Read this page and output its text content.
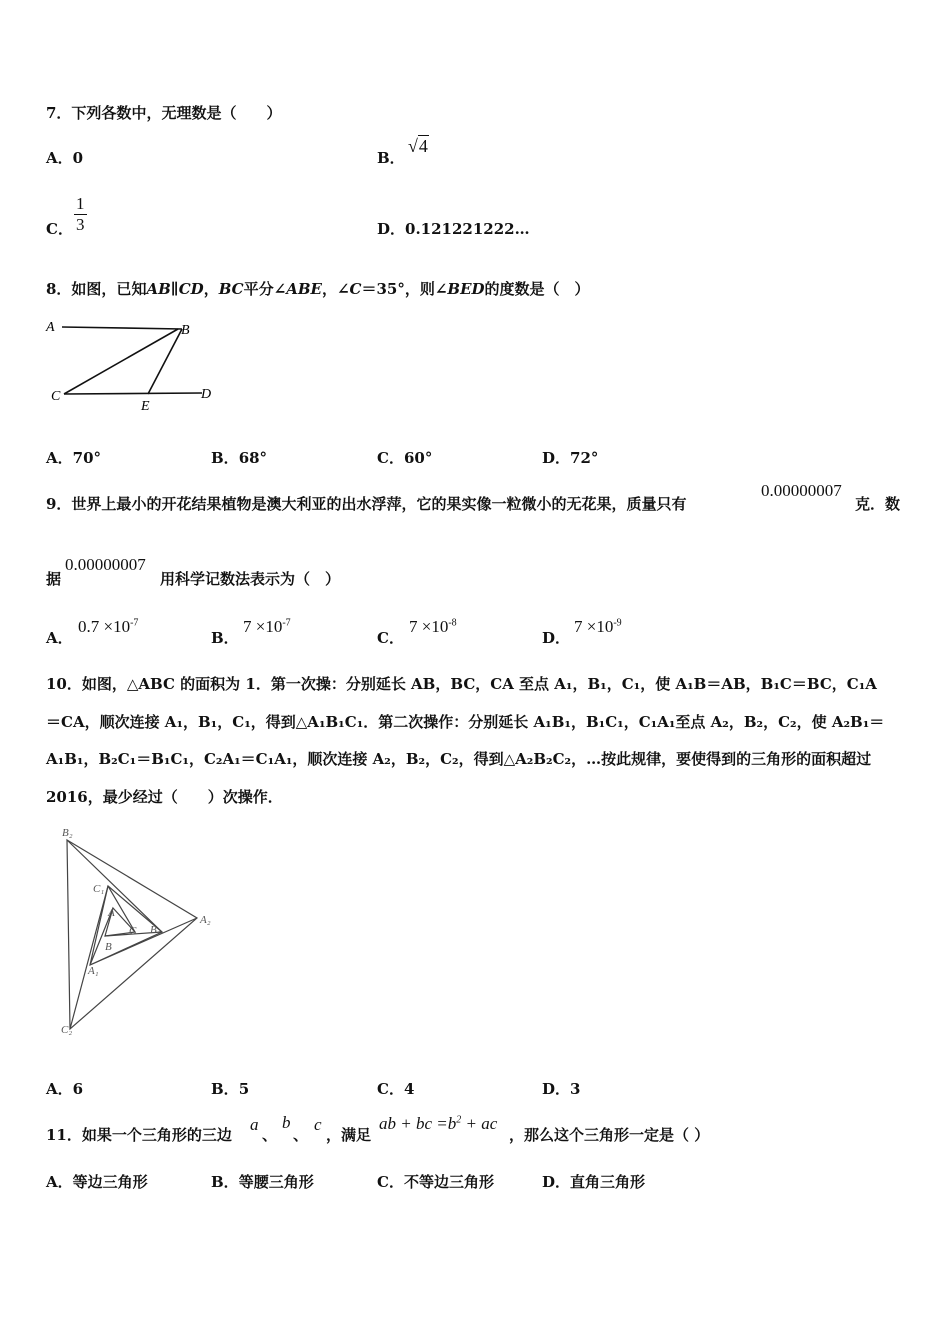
7．下列各数中，无理数是（　　）
A．0	B．
√4
C． $\frac{1}{3}$	D．0.121221222…
8．如图，已知AB∥CD，BC平分∠ABE，∠C＝35°，则∠BED的度数是（　）
A	B
C	D
E
A．70°	B．68°	C．60°	D．72°
9．世界上最小的开花结果植物是澳大利亚的出水浮萍，它的果实像一粒微小的无花果，质量只有
0.00000007
克．数
据
0.00000007
用科学记数法表示为（　）
A．
$0.7 \times 10^{-7}$
B．
$7 \times 10^{-7}$
C．
$7 \times 10^{-8}$
D．
$7 \times 10^{-9}$
10．如图，△ABC 的面积为 1．第一次操：分别延长 AB，BC，CA 至点 A₁，B₁，C₁，使 A₁B＝AB，B₁C＝BC，C₁A
＝CA，顺次连接 A₁，B₁，C₁，得到△A₁B₁C₁．第二次操作：分别延长 A₁B₁，B₁C₁，C₁A₁至点 A₂，B₂，C₂，使 A₂B₁＝
A₁B₁，B₂C₁＝B₁C₁，C₂A₁＝C₁A₁，顺次连接 A₂，B₂，C₂，得到△A₂B₂C₂，…按此规律，要使得到的三角形的面积超过
2016，最少经过（　　）次操作．
B₂
C₁
A
C B₁
A₂
B
A₁
C₂
A．6	B．5	C．4	D．3
11．如果一个三角形的三边
a
、
b
、
c
，满足
ab + bc $=b^2$ + ac
，那么这个三角形一定是（ ）
A．等边三角形	B．等腰三角形	C．不等边三角形	D．直角三角形
